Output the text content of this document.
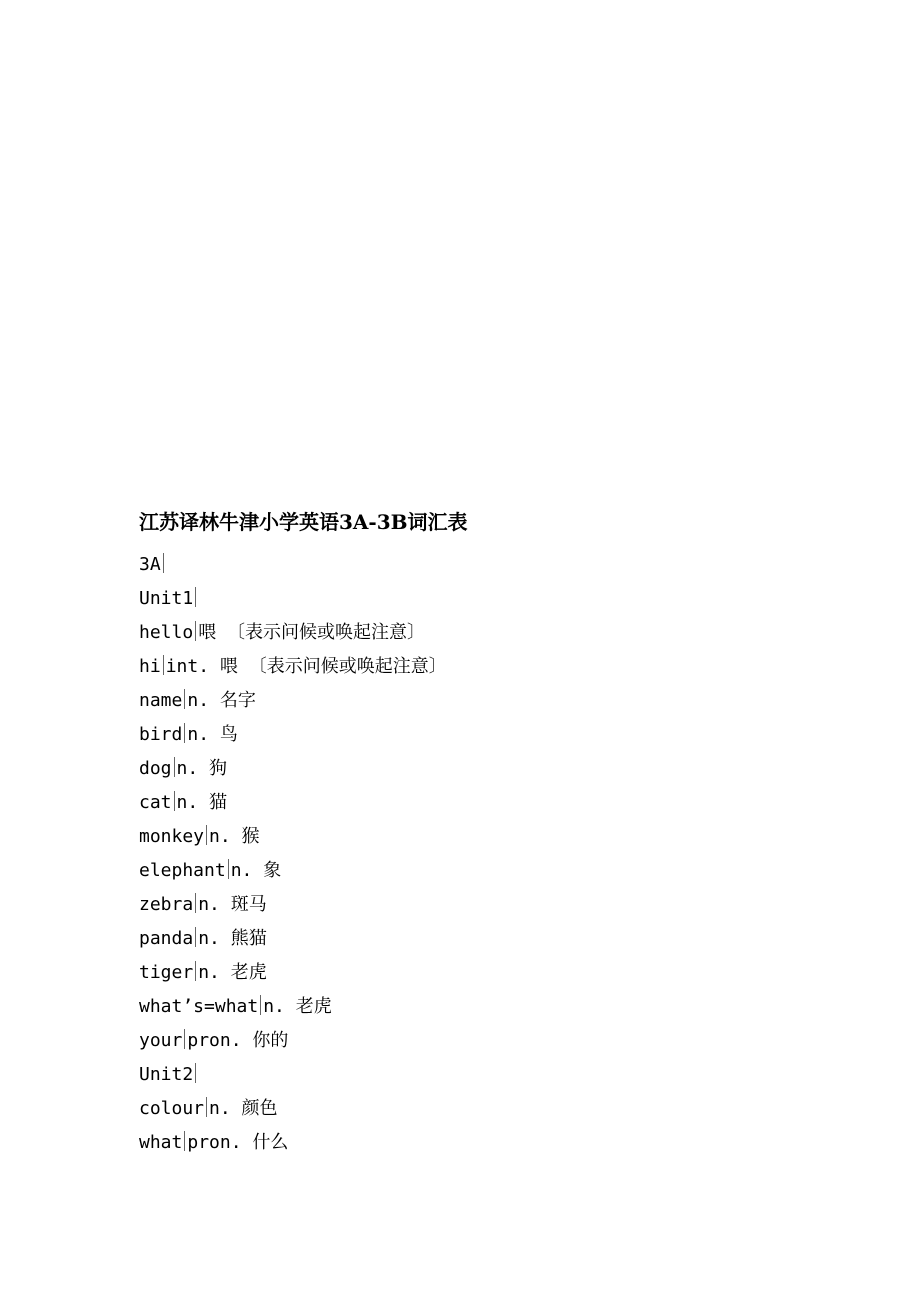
江苏译林牛津小学英语3A-3B词汇表
3A
Unit1
hello 喂 〔表示问候或唤起注意〕
hi int. 喂 〔表示问候或唤起注意〕
name n. 名字
bird n. 鸟
dog n. 狗
cat n. 猫
monkey n. 猴
elephant n. 象
zebra n. 斑马
panda n. 熊猫
tiger n. 老虎
what’s=what n. 老虎
your pron. 你的
Unit2
colour n. 颜色
what pron. 什么
